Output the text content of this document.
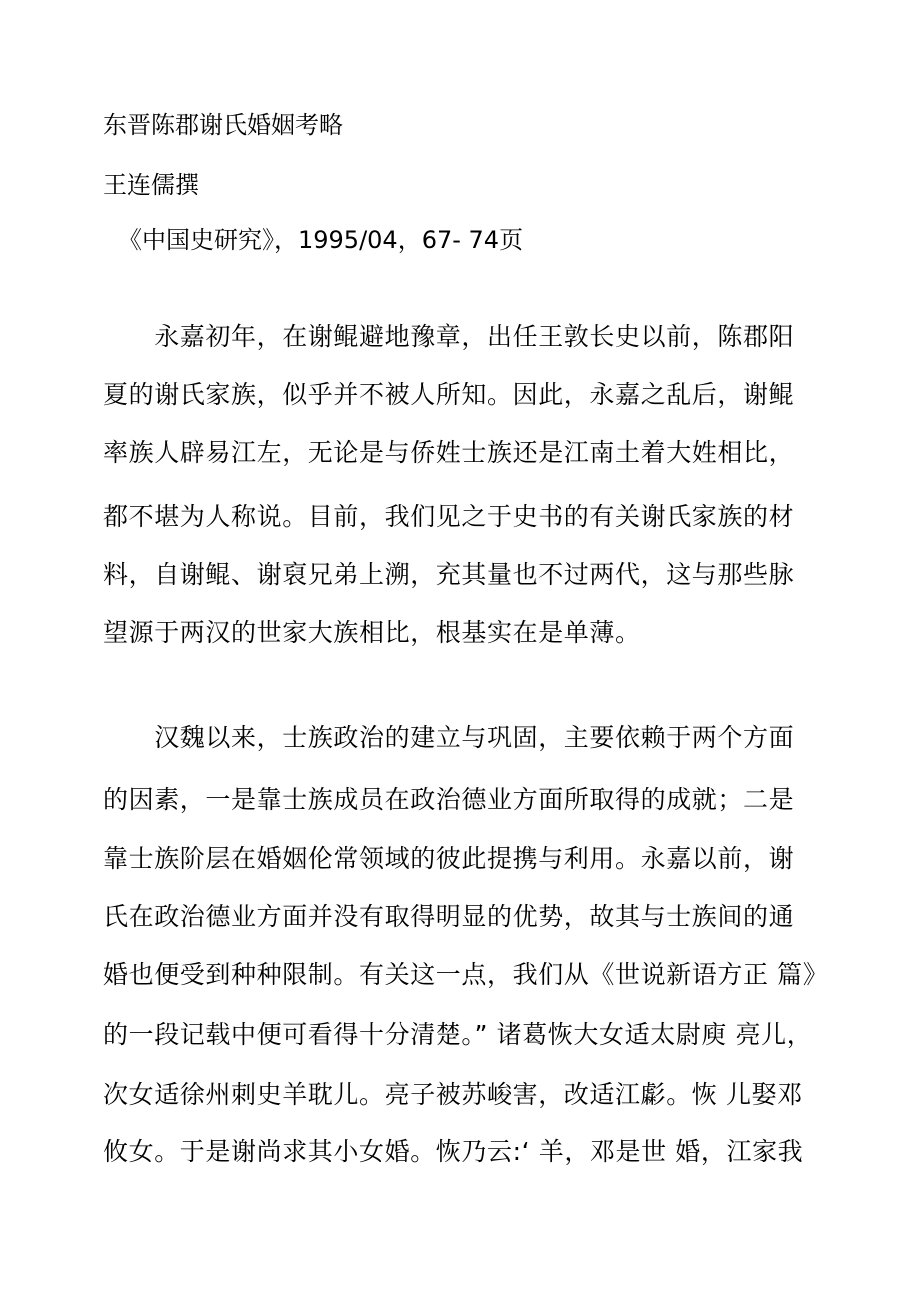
东晋陈郡谢氏婚姻考略
王连儒撰
《中国史研究》，1995/04，67- 74页
　　永嘉初年，在谢鲲避地豫章，出任王敦长史以前，陈郡阳
夏的谢氏家族，似乎并不被人所知。因此，永嘉之乱后，谢鲲
率族人辟易江左，无论是与侨姓士族还是江南土着大姓相比，
都不堪为人称说。目前，我们见之于史书的有关谢氏家族的材
料，自谢鲲、谢裒兄弟上溯，充其量也不过两代，这与那些脉
望源于两汉的世家大族相比，根基实在是单薄。
　　汉魏以来，士族政治的建立与巩固，主要依赖于两个方面
的因素，一是靠士族成员在政治德业方面所取得的成就；二是
靠士族阶层在婚姻伦常领域的彼此提携与利用。永嘉以前，谢
氏在政治德业方面并没有取得明显的优势，故其与士族间的通
婚也便受到种种限制。有关这一点，我们从《世说新语方正 篇》
的一段记载中便可看得十分清楚。” 诸葛恢大女适太尉庾 亮儿，
次女适徐州刺史羊耽儿。亮子被苏峻害，改适江虨。恢 儿娶邓
攸女。于是谢尚求其小女婚。恢乃云:‘ 羊，邓是世 婚，江家我
